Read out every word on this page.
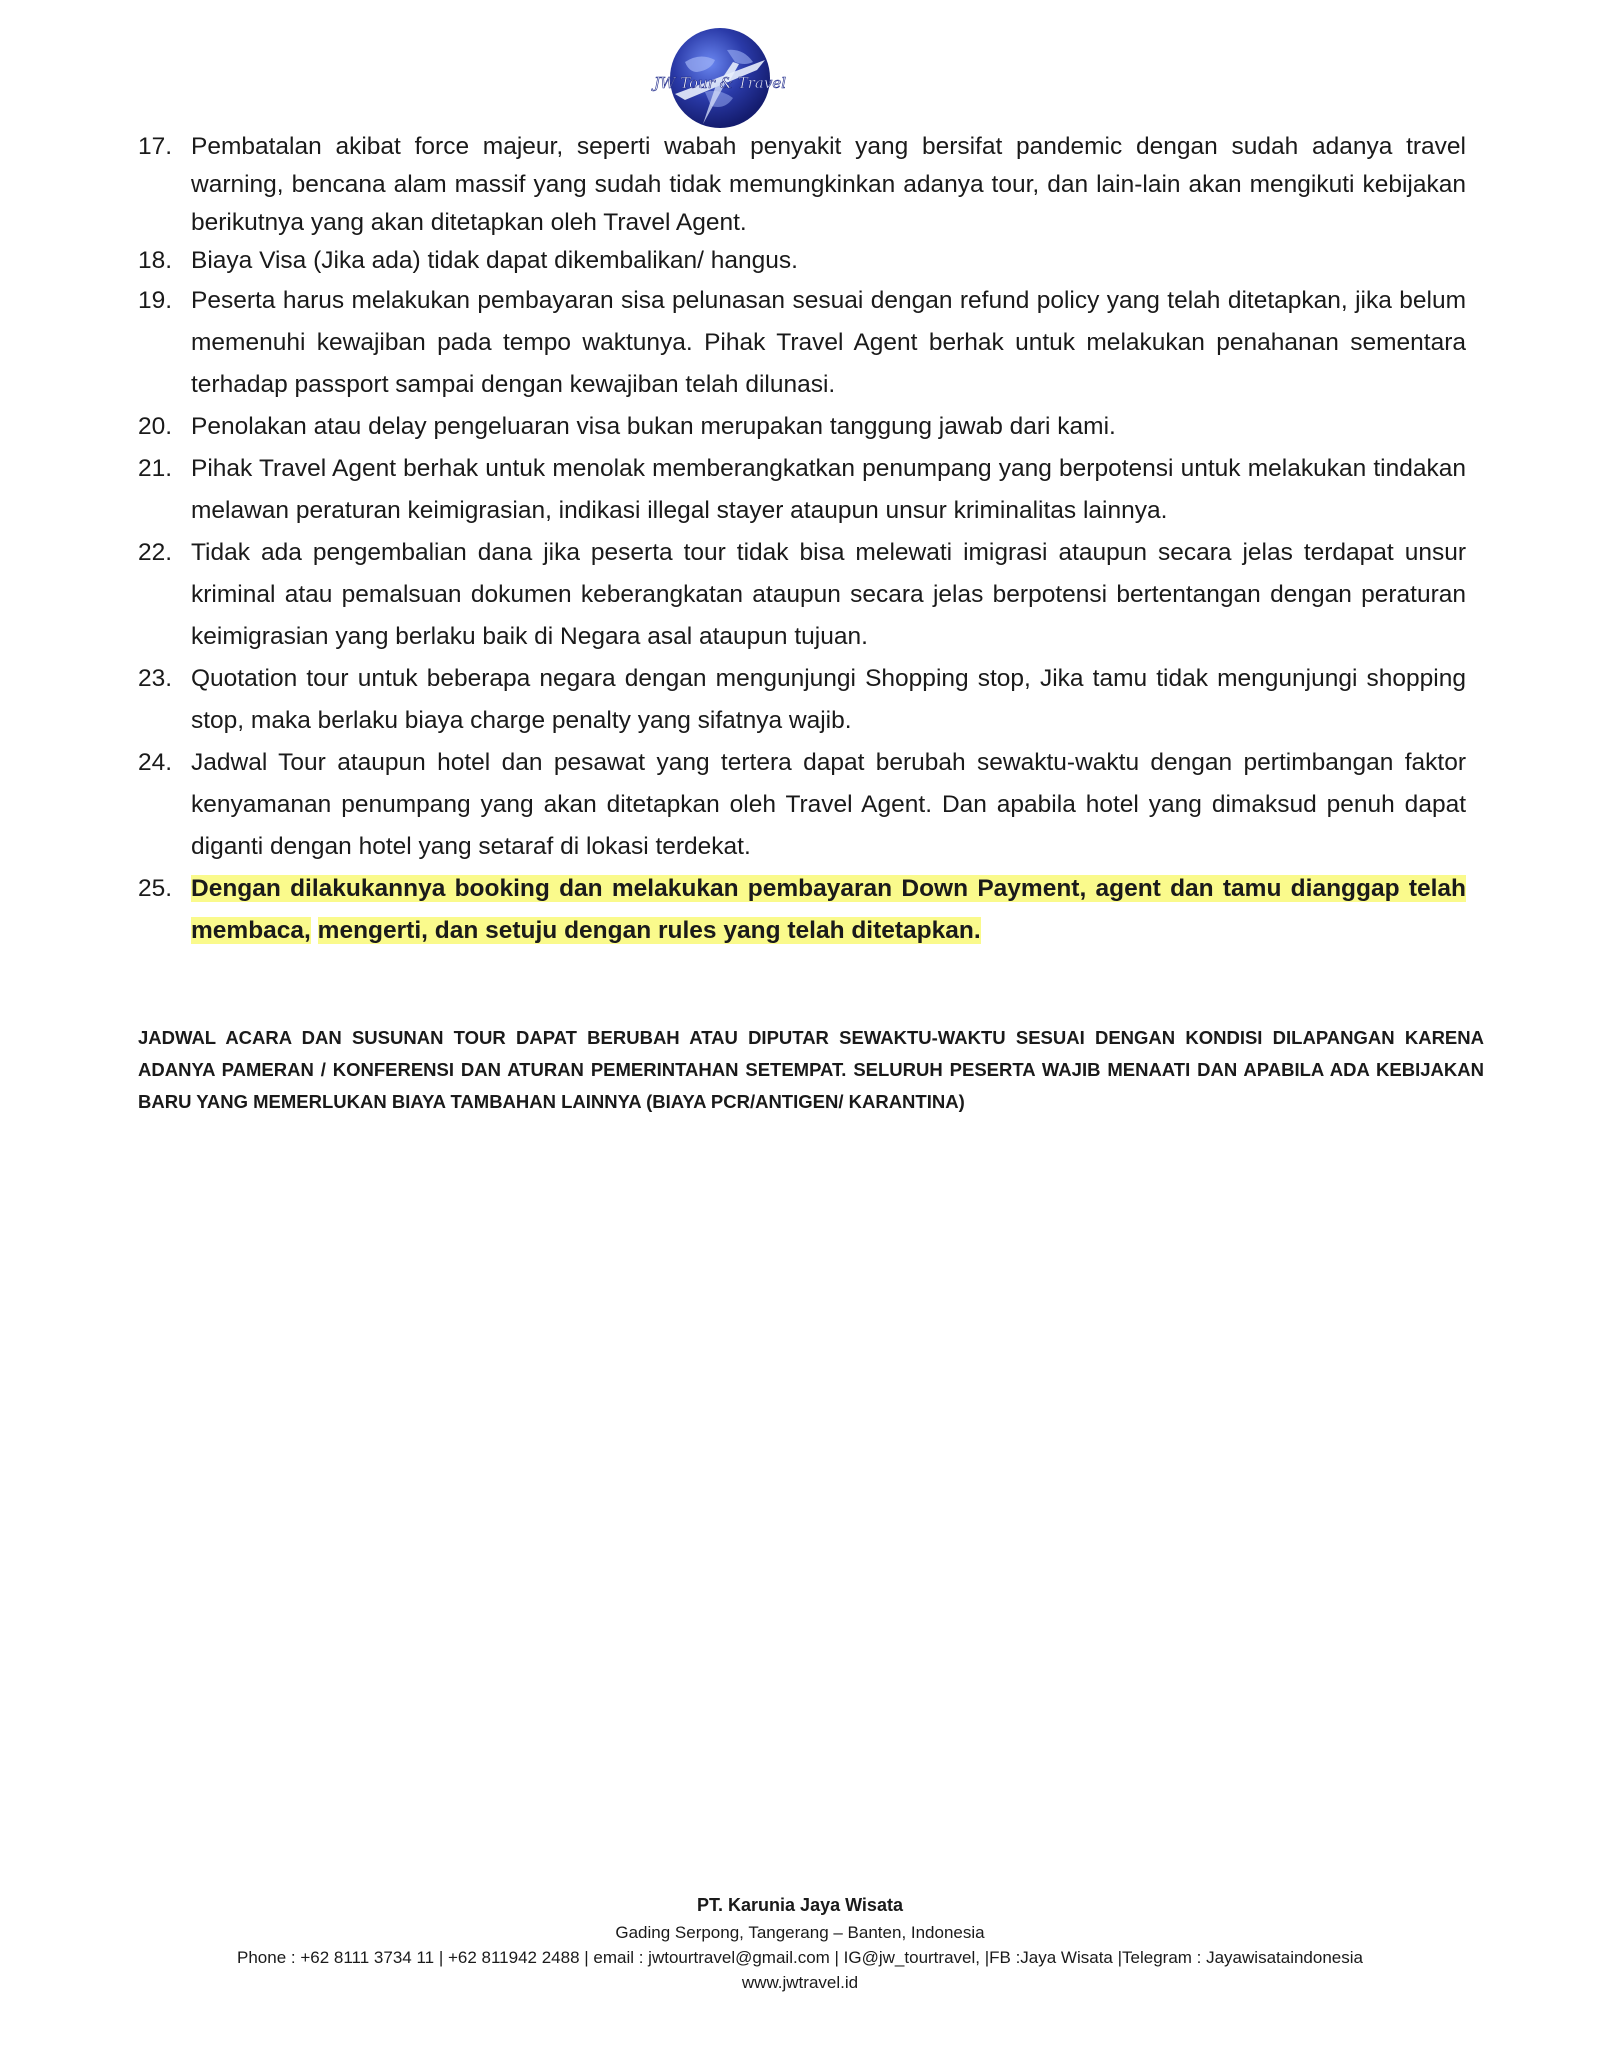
JW Tour & Travel
17. Pembatalan akibat force majeur, seperti wabah penyakit yang bersifat pandemic dengan sudah adanya travel warning, bencana alam massif yang sudah tidak memungkinkan adanya tour, dan lain-lain akan mengikuti kebijakan berikutnya yang akan ditetapkan oleh Travel Agent.
18. Biaya Visa (Jika ada) tidak dapat dikembalikan/ hangus.
19. Peserta harus melakukan pembayaran sisa pelunasan sesuai dengan refund policy yang telah ditetapkan, jika belum memenuhi kewajiban pada tempo waktunya. Pihak Travel Agent berhak untuk melakukan penahanan sementara terhadap passport sampai dengan kewajiban telah dilunasi.
20. Penolakan atau delay pengeluaran visa bukan merupakan tanggung jawab dari kami.
21. Pihak Travel Agent berhak untuk menolak memberangkatkan penumpang yang berpotensi untuk melakukan tindakan melawan peraturan keimigrasian, indikasi illegal stayer ataupun unsur kriminalitas lainnya.
22. Tidak ada pengembalian dana jika peserta tour tidak bisa melewati imigrasi ataupun secara jelas terdapat unsur kriminal atau pemalsuan dokumen keberangkatan ataupun secara jelas berpotensi bertentangan dengan peraturan keimigrasian yang berlaku baik di Negara asal ataupun tujuan.
23. Quotation tour untuk beberapa negara dengan mengunjungi Shopping stop, Jika tamu tidak mengunjungi shopping stop, maka berlaku biaya charge penalty yang sifatnya wajib.
24. Jadwal Tour ataupun hotel dan pesawat yang tertera dapat berubah sewaktu-waktu dengan pertimbangan faktor kenyamanan penumpang yang akan ditetapkan oleh Travel Agent. Dan apabila hotel yang dimaksud penuh dapat diganti dengan hotel yang setaraf di lokasi terdekat.
25. Dengan dilakukannya booking dan melakukan pembayaran Down Payment, agent dan tamu dianggap telah membaca, mengerti, dan setuju dengan rules yang telah ditetapkan.

JADWAL ACARA DAN SUSUNAN TOUR DAPAT BERUBAH ATAU DIPUTAR SEWAKTU-WAKTU SESUAI DENGAN KONDISI DILAPANGAN KARENA ADANYA PAMERAN / KONFERENSI DAN ATURAN PEMERINTAHAN SETEMPAT. SELURUH PESERTA WAJIB MENAATI DAN APABILA ADA KEBIJAKAN BARU YANG MEMERLUKAN BIAYA TAMBAHAN LAINNYA (BIAYA PCR/ANTIGEN/ KARANTINA)

PT. Karunia Jaya Wisata
Gading Serpong, Tangerang – Banten, Indonesia
Phone : +62 8111 3734 11 | +62 811942 2488 | email : jwtourtravel@gmail.com | IG@jw_tourtravel, |FB :Jaya Wisata |Telegram : Jayawisataindonesia
www.jwtravel.id
